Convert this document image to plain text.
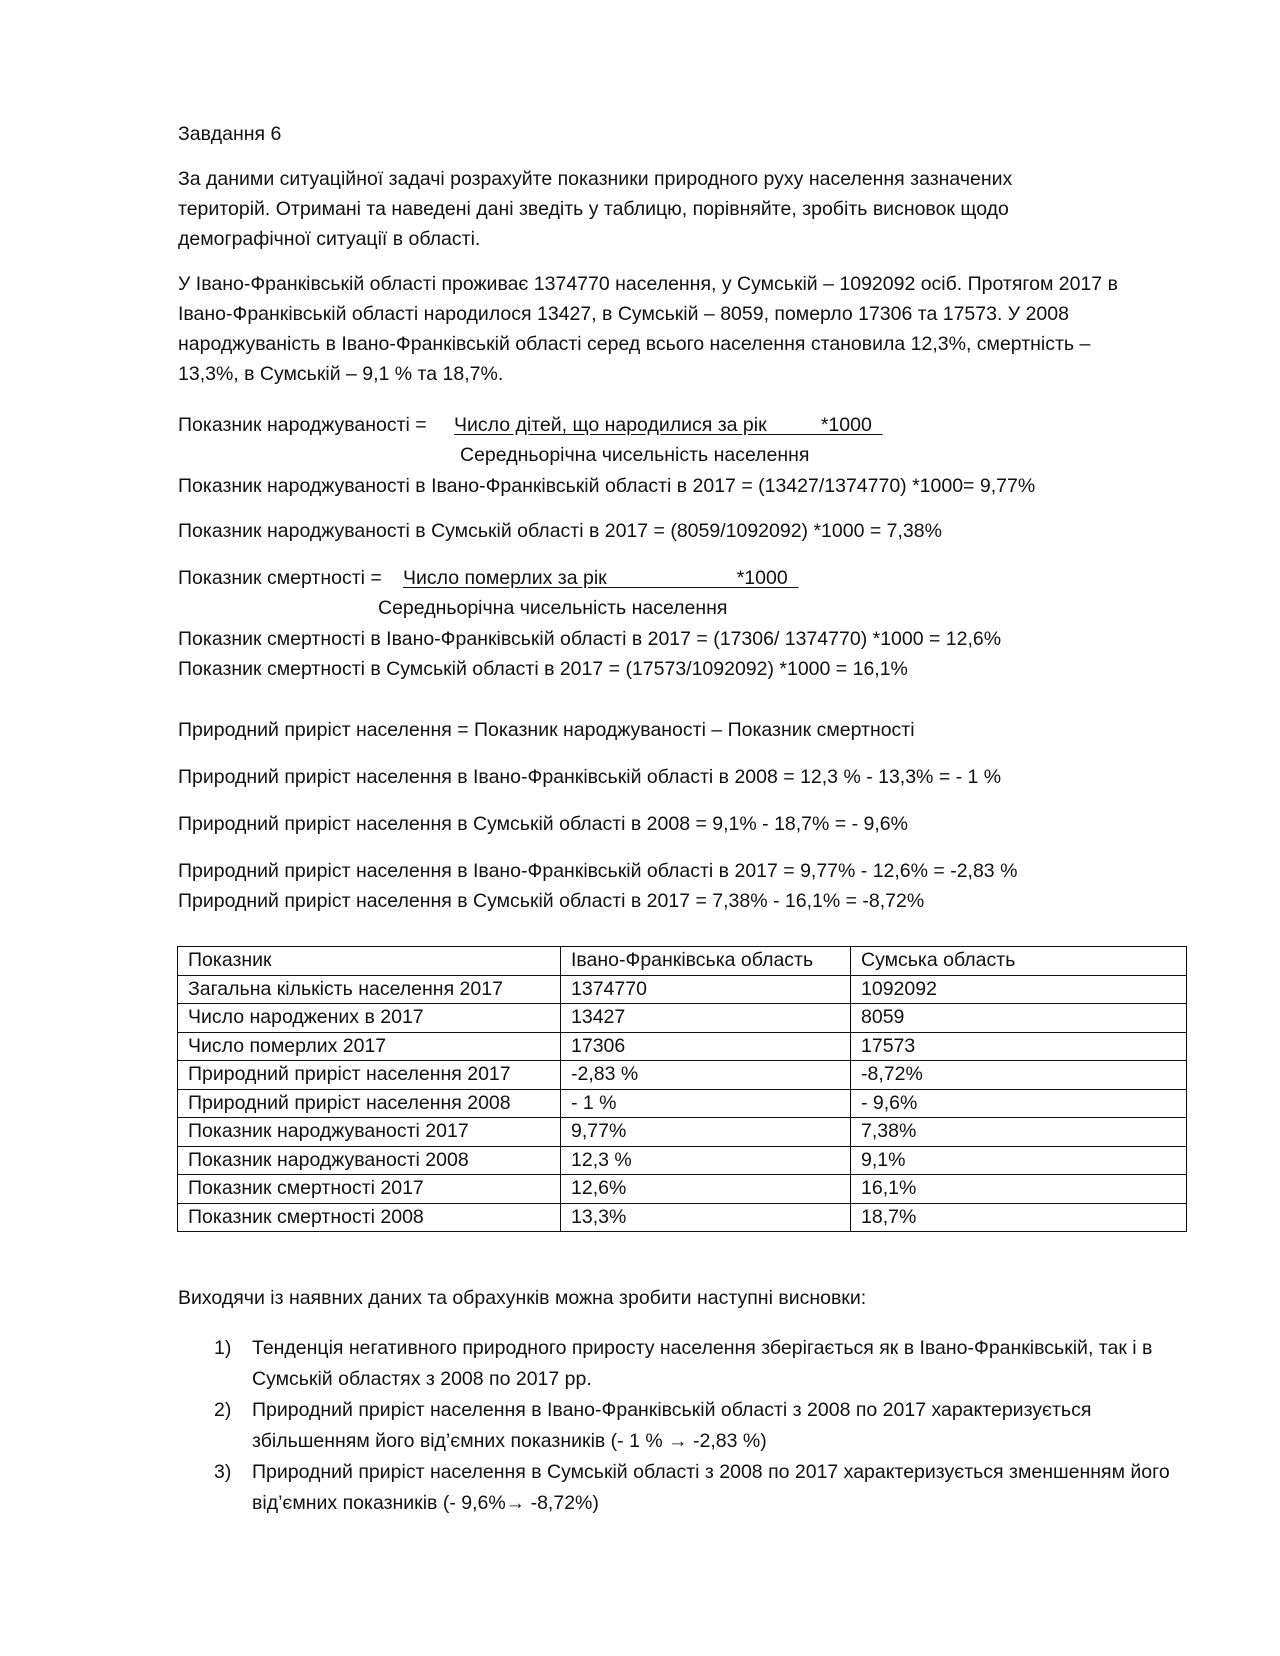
Завдання 6
За даними ситуаційної задачі розрахуйте показники природного руху населення зазначених
територій. Отримані та наведені дані зведіть у таблицю, порівняйте, зробіть висновок щодо
демографічної ситуації в області.
У Івано-Франківській області проживає 1374770 населення, у Сумській – 1092092 осіб. Протягом 2017 в
Івано-Франківській області народилося 13427, в Сумській – 8059, померло 17306 та 17573. У 2008
народжуваність в Івано-Франківській області серед всього населення становила 12,3%, смертність –
13,3%, в Сумській – 9,1 % та 18,7%.
Показник народжуваності = Число дітей, що народилися за рік          *1000
Середньорічна чисельність населення
Показник народжуваності в Івано-Франківській області в 2017 = (13427/1374770) *1000= 9,77%
Показник народжуваності в Сумській області в 2017 = (8059/1092092) *1000 = 7,38%
Показник смертності = Число померлих за рік                        *1000
Середньорічна чисельність населення
Показник смертності в Івано-Франківській області в 2017 = (17306/ 1374770) *1000 = 12,6%
Показник смертності в Сумській області в 2017 = (17573/1092092) *1000 = 16,1%
Природний приріст населення = Показник народжуваності – Показник смертності
Природний приріст населення в Івано-Франківській області в 2008 = 12,3 % - 13,3% = - 1 %
Природний приріст населення в Сумській області в 2008 = 9,1% - 18,7% = - 9,6%
Природний приріст населення в Івано-Франківській області в 2017 = 9,77% - 12,6% = -2,83 %
Природний приріст населення в Сумській області в 2017 = 7,38% - 16,1% = -8,72%
Показник	Івано-Франківська область	Сумська область
Загальна кількість населення 2017	1374770	1092092
Число народжених в 2017	13427	8059
Число померлих 2017	17306	17573
Природний приріст населення 2017	-2,83 %	-8,72%
Природний приріст населення 2008	- 1 %	- 9,6%
Показник народжуваності 2017	9,77%	7,38%
Показник народжуваності 2008	12,3 %	9,1%
Показник смертності 2017	12,6%	16,1%
Показник смертності 2008	13,3%	18,7%
Виходячи із наявних даних та обрахунків можна зробити наступні висновки:
1) Тенденція негативного природного приросту населення зберігається як в Івано-Франківській, так і в Сумській областях з 2008 по 2017 рр.
2) Природний приріст населення в Івано-Франківській області з 2008 по 2017 характеризується збільшенням його від’ємних показників (- 1 % → -2,83 %)
3) Природний приріст населення в Сумській області з 2008 по 2017 характеризується зменшенням його від’ємних показників (- 9,6%→ -8,72%)
